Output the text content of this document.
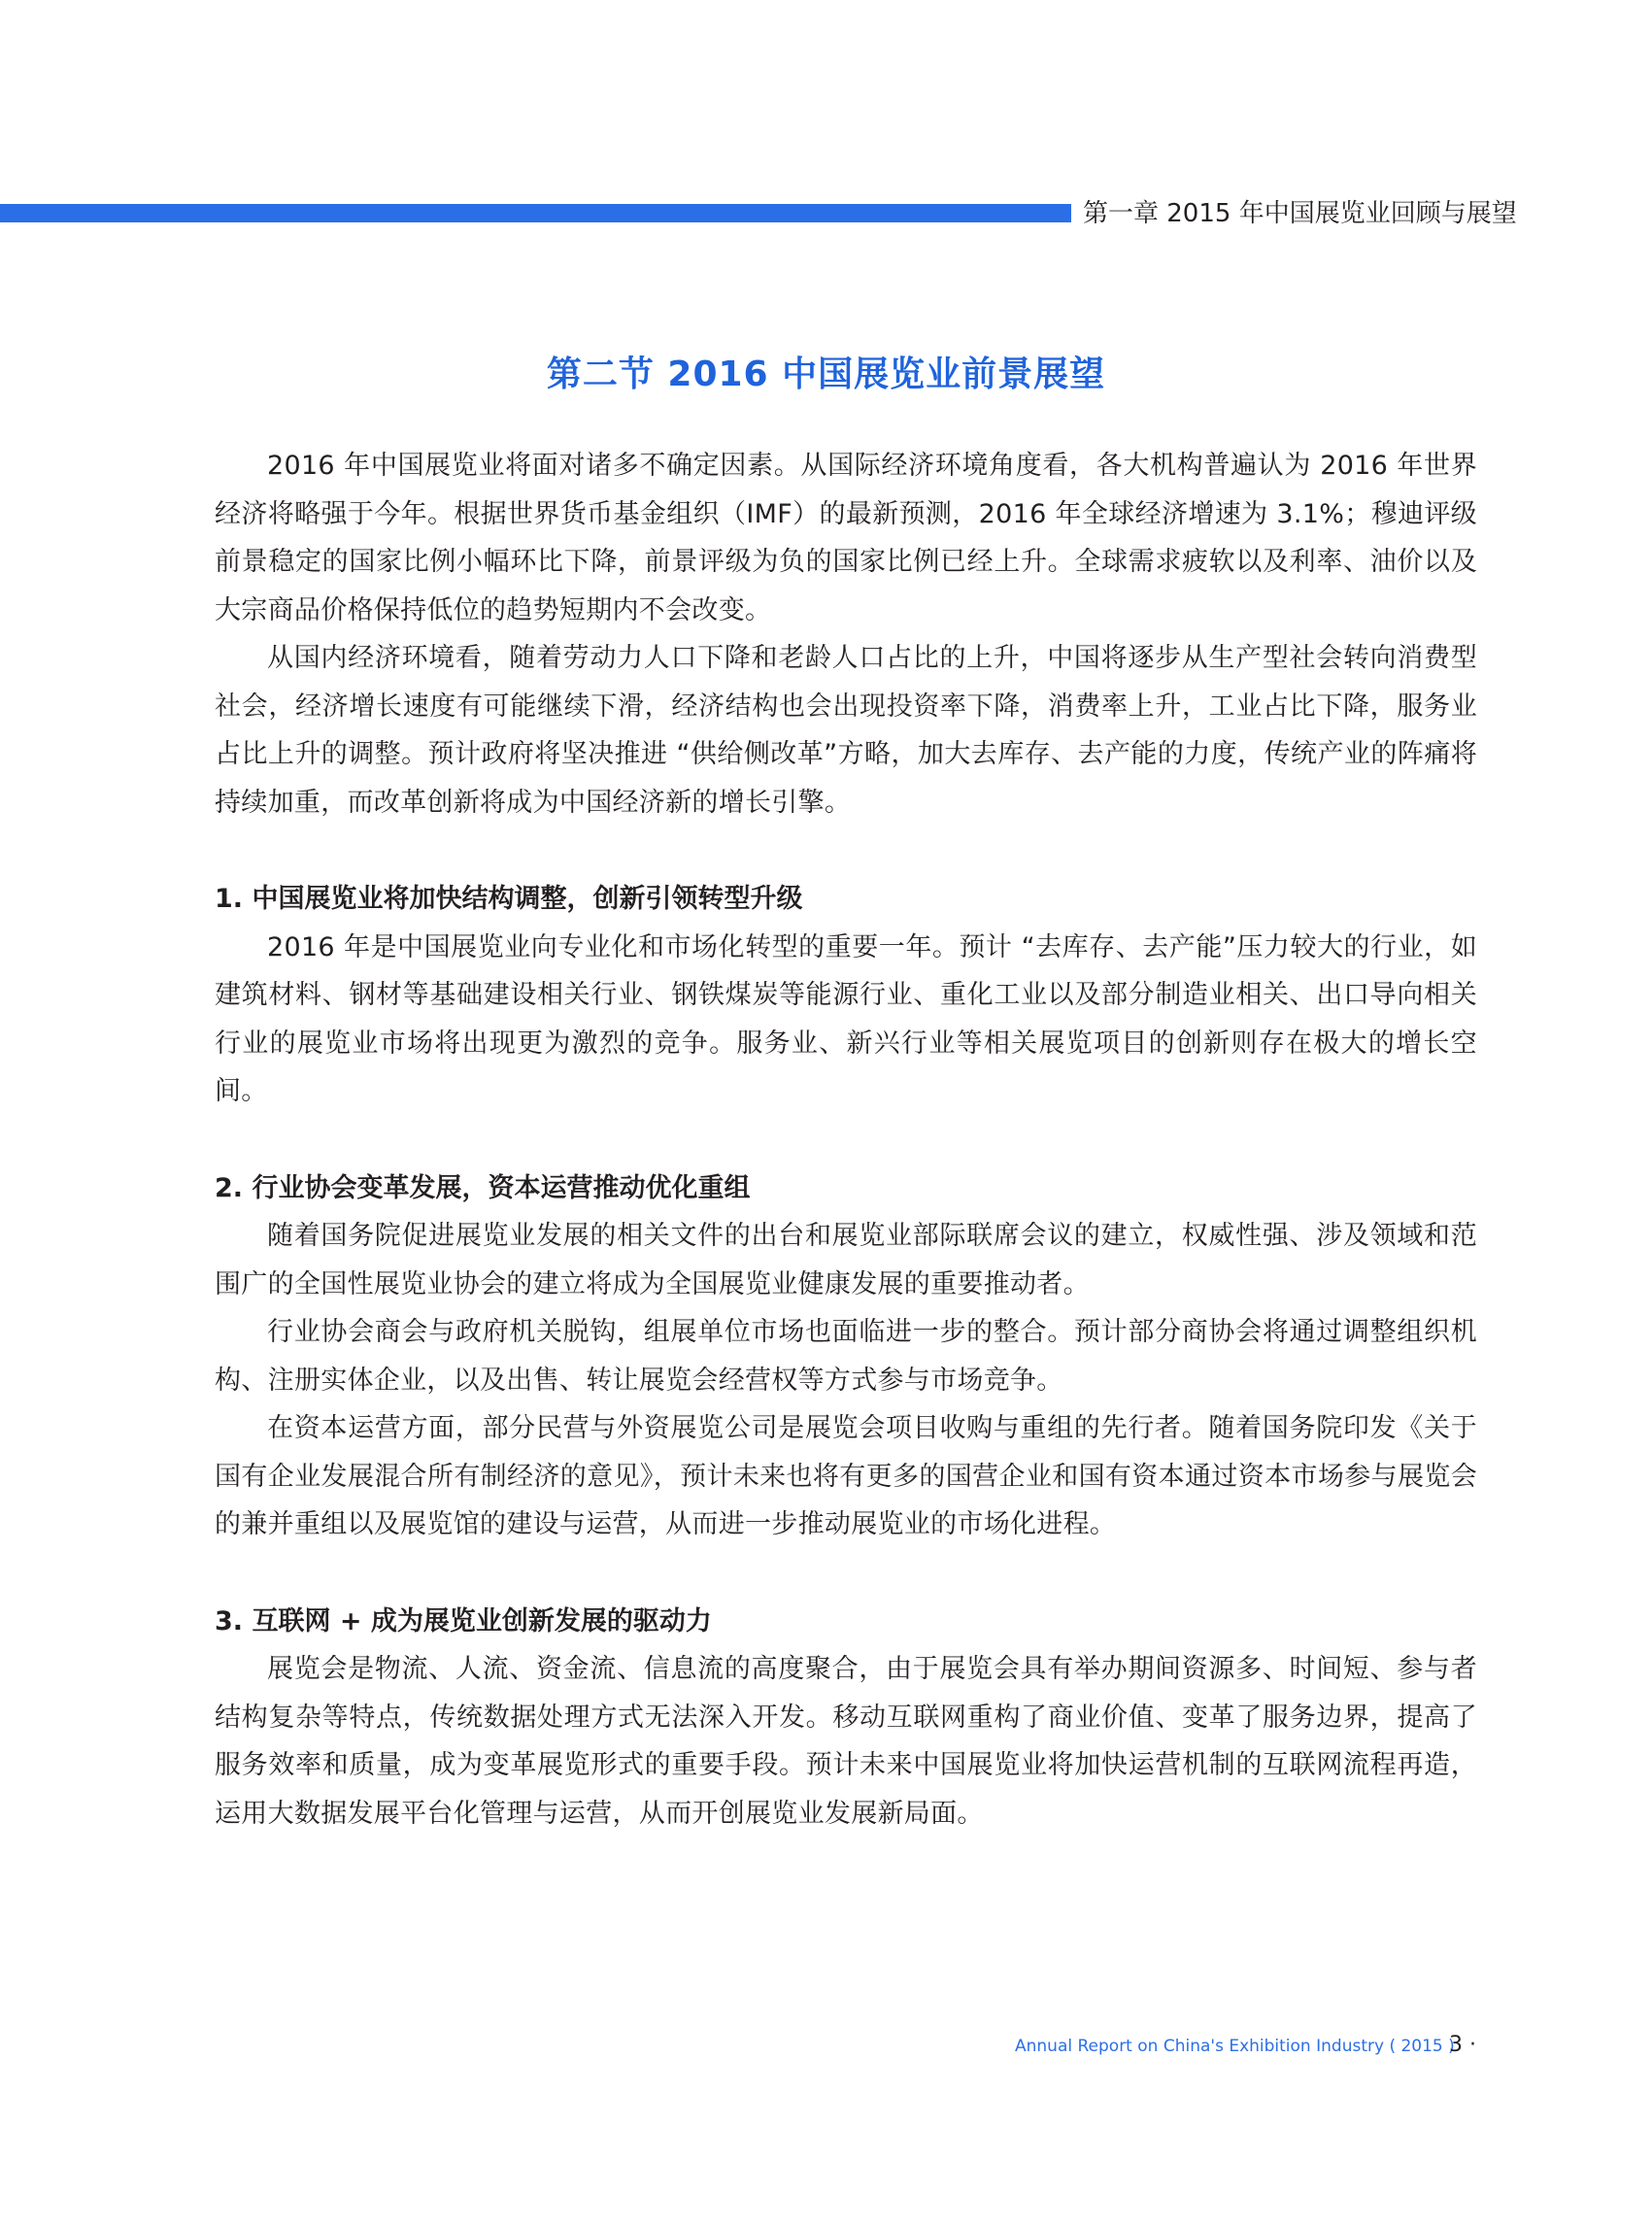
第一章 2015 年中国展览业回顾与展望
第二节 2016 中国展览业前景展望

2016 年中国展览业将面对诸多不确定因素。从国际经济环境角度看，各大机构普遍认为 2016 年世界经济将略强于今年。根据世界货币基金组织（IMF）的最新预测，2016 年全球经济增速为 3.1%；穆迪评级前景稳定的国家比例小幅环比下降，前景评级为负的国家比例已经上升。全球需求疲软以及利率、油价以及大宗商品价格保持低位的趋势短期内不会改变。

从国内经济环境看，随着劳动力人口下降和老龄人口占比的上升，中国将逐步从生产型社会转向消费型社会，经济增长速度有可能继续下滑，经济结构也会出现投资率下降，消费率上升，工业占比下降，服务业占比上升的调整。预计政府将坚决推进 “供给侧改革”方略，加大去库存、去产能的力度，传统产业的阵痛将持续加重，而改革创新将成为中国经济新的增长引擎。

1. 中国展览业将加快结构调整，创新引领转型升级

2016 年是中国展览业向专业化和市场化转型的重要一年。预计 “去库存、去产能”压力较大的行业，如建筑材料、钢材等基础建设相关行业、钢铁煤炭等能源行业、重化工业以及部分制造业相关、出口导向相关行业的展览业市场将出现更为激烈的竞争。服务业、新兴行业等相关展览项目的创新则存在极大的增长空间。

2. 行业协会变革发展，资本运营推动优化重组

随着国务院促进展览业发展的相关文件的出台和展览业部际联席会议的建立，权威性强、涉及领域和范围广的全国性展览业协会的建立将成为全国展览业健康发展的重要推动者。

行业协会商会与政府机关脱钩，组展单位市场也面临进一步的整合。预计部分商协会将通过调整组织机构、注册实体企业，以及出售、转让展览会经营权等方式参与市场竞争。

在资本运营方面，部分民营与外资展览公司是展览会项目收购与重组的先行者。随着国务院印发《关于国有企业发展混合所有制经济的意见》，预计未来也将有更多的国营企业和国有资本通过资本市场参与展览会的兼并重组以及展览馆的建设与运营，从而进一步推动展览业的市场化进程。

3. 互联网 + 成为展览业创新发展的驱动力

展览会是物流、人流、资金流、信息流的高度聚合，由于展览会具有举办期间资源多、时间短、参与者结构复杂等特点，传统数据处理方式无法深入开发。移动互联网重构了商业价值、变革了服务边界，提高了服务效率和质量，成为变革展览形式的重要手段。预计未来中国展览业将加快运营机制的互联网流程再造，运用大数据发展平台化管理与运营，从而开创展览业发展新局面。

Annual Report on China's Exhibition Industry ( 2015 )
3 ·
